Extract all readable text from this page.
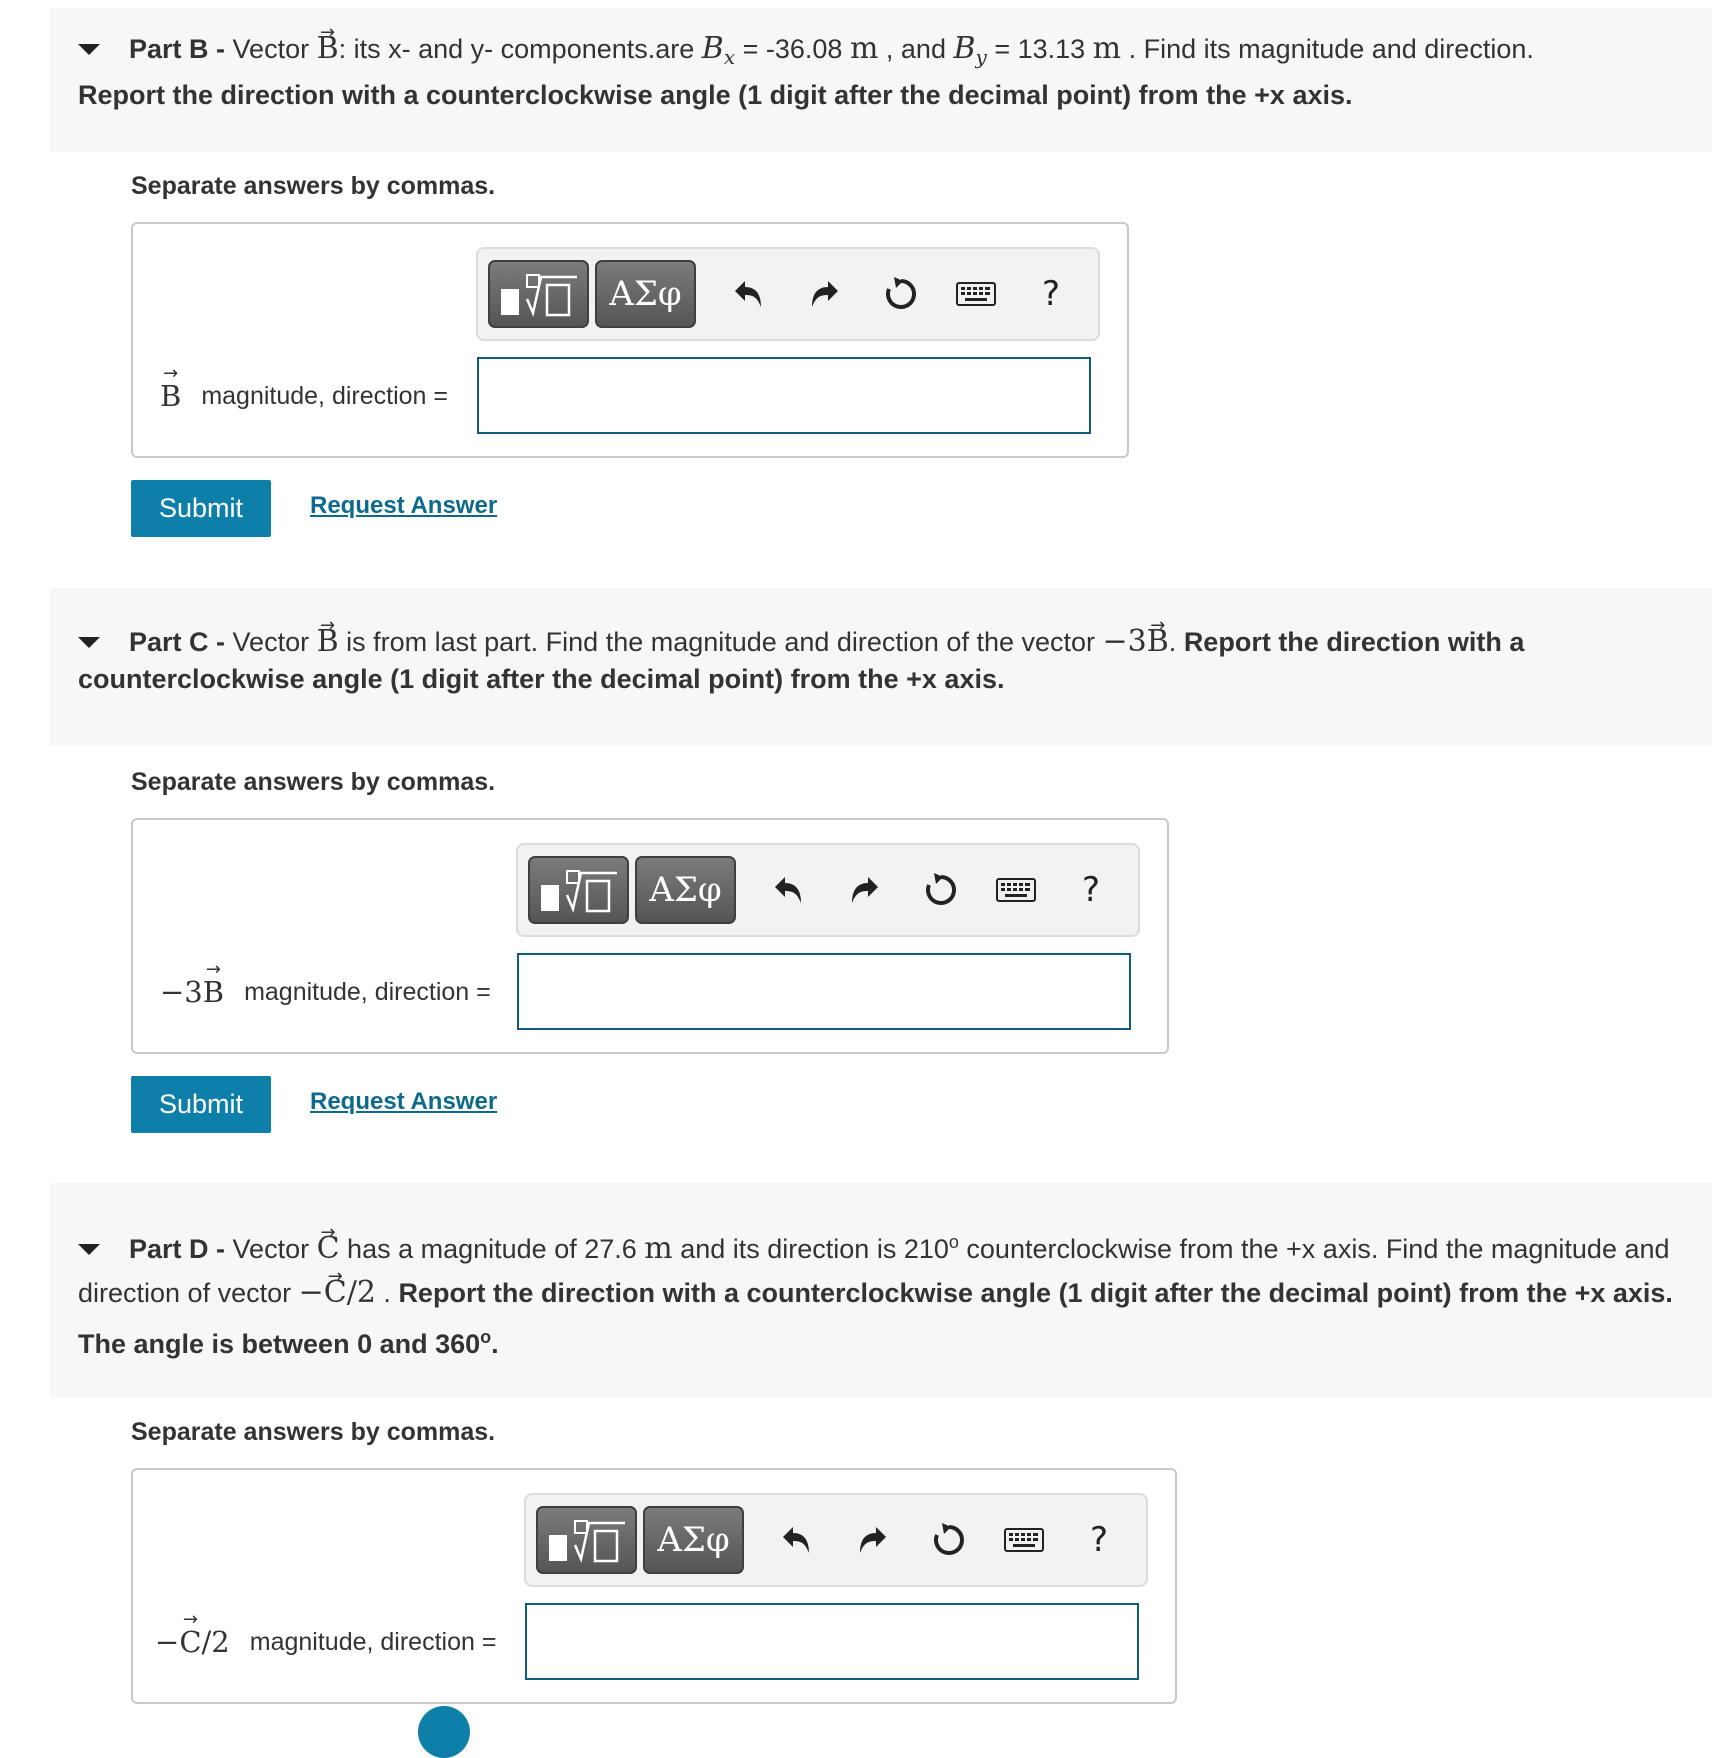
Part B - Vector → B: its x- and y- components.are $B_x = -36.08$ m , and $B_y = 13.13$ m . Find its magnitude and direction.
Report the direction with a counterclockwise angle (1 digit after the decimal point) from the +x axis.
Separate answers by commas.
ΑΣφ	?
→ B magnitude, direction =
Submit	Request Answer
Part C - Vector → B is from last part. Find the magnitude and direction of the vector −3→ B. Report the direction with a counterclockwise angle (1 digit after the decimal point) from the +x axis.
Separate answers by commas.
ΑΣφ	?
−3 → B magnitude, direction =
Submit	Request Answer
Part D - Vector → C has a magnitude of 27.6 m and its direction is 210$^o$ counterclockwise from the +x axis. Find the magnitude and direction of vector −→ C/2 . Report the direction with a counterclockwise angle (1 digit after the decimal point) from the +x axis. The angle is between 0 and 360$^o$.
Separate answers by commas.
ΑΣφ	?
− → C /2 magnitude, direction =
